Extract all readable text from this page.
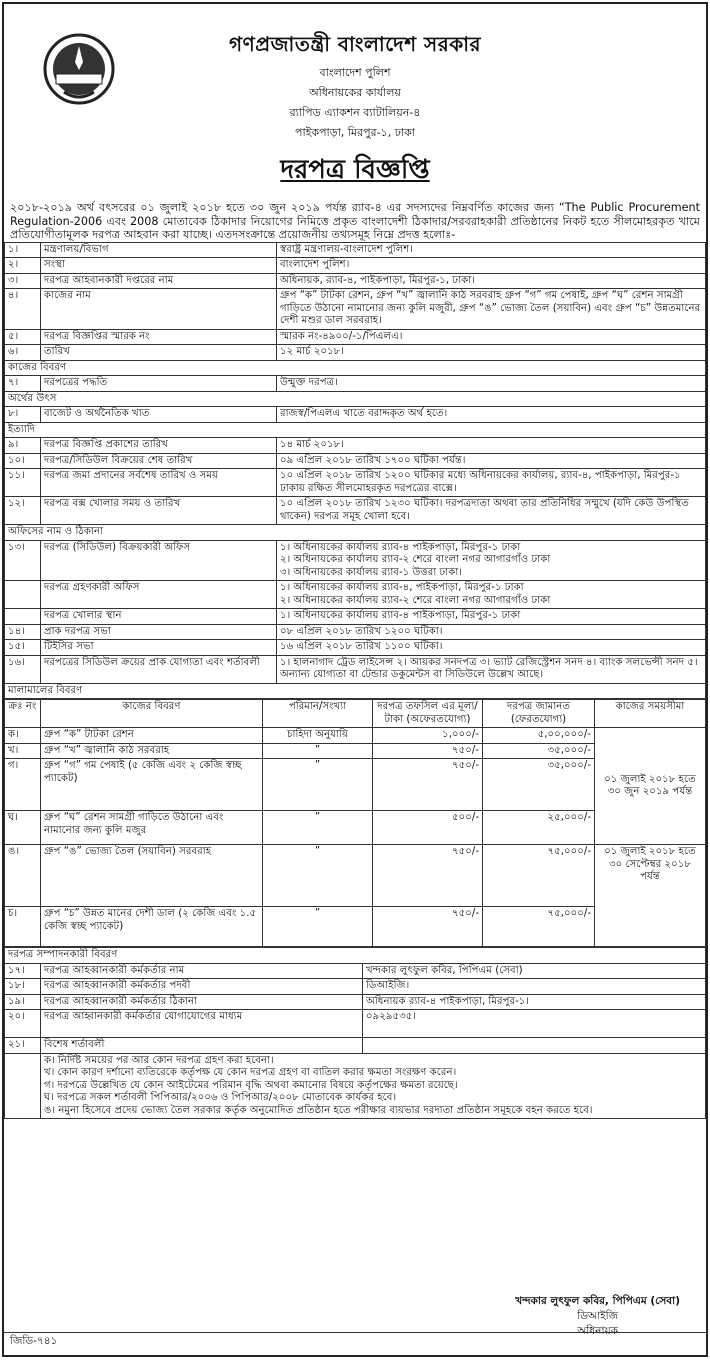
গণপ্রজাতন্ত্রী বাংলাদেশ সরকার
বাংলাদেশ পুলিশ
অধিনায়কের কার্যালয়
র‍্যাপিড এ্যাকশন ব্যাটালিয়ন-৪
পাইকপাড়া, মিরপুর-১, ঢাকা
দরপত্র বিজ্ঞপ্তি
২০১৮-২০১৯ অর্থ বৎসরের ০১ জুলাই ২০১৮ হতে ৩০ জুন ২০১৯ পর্যন্ত র‍্যাব-৪ এর সদস্যদের নিম্নবর্ণিত কাজের জন্য “The Public Procurement Regulation-2006 এবং 2008 মোতাবেক ঠিকাদার নিয়োগের নিমিত্তে প্রকৃত বাংলাদেশী ঠিকাদার/সরবরাহকারী প্রতিষ্ঠানের নিকট হতে সীলমোহরকৃত খামে প্রতিযোগীতামূলক দরপত্র আহবান করা যাচ্ছে। এতদসংক্রান্তে প্রয়োজনীয় তথ্যসমূহ নিম্নে প্রদত্ত হলোঃ-
১।	মন্ত্রণালয়/বিভাগ	স্বরাষ্ট্র মন্ত্রণালয়-বাংলাদেশ পুলিশ।
২।	সংস্থা	বাংলাদেশ পুলিশ।
৩।	দরপত্র আহবানকারী দপ্তরের নাম	অধিনায়ক, র‍্যাব-৪, পাইকপাড়া, মিরপুর-১, ঢাকা।
৪।	কাজের নাম	গ্রুপ “ক” টাটকা রেশন, গ্রুপ “খ” জ্বালানি কাঠ সরবরাহ গ্রুপ “গ” গম পেষাই, গ্রুপ “ঘ” রেশন সামগ্রী গাড়িতে উঠানো নামানোর জন্য কুলি মজুরী, গ্রুপ “ঙ” ভোজ্য তৈল (সয়াবিন) এবং গ্রুপ “চ” উন্নতমানের দেশী মশুর ডাল সরবরাহ।
৫।	দরপত্র বিজ্ঞপ্তির স্মারক নং	স্মারক নং-৪৯০০/-১/পিএলএ।
৬।	তারিখ	১২ মার্চ ২০১৮।
কাজের বিবরণ		
৭।	দরপত্রের পদ্ধতি	উন্মুক্ত দরপত্র।
অর্থের উৎস		
৮।	বাজেট ও অর্থনৈতিক খাত	রাজস্ব/পিএলএ খাতে বরাদ্দকৃত অর্থ হতে।
ইত্যাদি		
৯।	দরপত্র বিজ্ঞপ্তি প্রকাশের তারিখ	১৪ মার্চ ২০১৮।
১০।	দরপত্র/সিডিউল বিক্রয়ের শেষ তারিখ	০৯ এপ্রিল ২০১৮ তারিখ ১৭০০ ঘটিকা পর্যন্ত।
১১।	দরপত্র জমা প্রদানের সর্বশেষ তারিখ ও সময়	১০ এপ্রিল ২০১৮ তারিখ ১২০০ ঘটিকার মধ্যে অধিনায়কের কার্যালয়, র‍্যাব-৪, পাইকপাড়া, মিরপুর-১ ঢাকায় রক্ষিত সীলমোহরকৃত দরপত্রের বাক্সে।
১২।	দরপত্র বক্স খোলার সময় ও তারিখ	১০ এপ্রিল ২০১৮ তারিখ ১২৩০ ঘটিকা। দরপত্রদাতা অথবা তার প্রতিনিধির সম্মুখে (যদি কেউ উপস্থিত থাকেন) দরপত্র সমূহ খোলা হবে।
অফিসের নাম ও ঠিকানা		
১৩।	দরপত্র (সিডিউল) বিক্রয়কারী অফিস	১। অধিনায়কের কার্যালয় র‍্যাব-৪ পাইকপাড়া, মিরপুর-১ ঢাকা
২। অধিনায়কের কার্যালয় র‍্যাব-২ শেরে বাংলা নগর আগারগাঁও ঢাকা
৩। অধিনায়কের কার্যালয় র‍্যাব-১ উত্তরা ঢাকা।

	দরপত্র গ্রহণকারী অফিস	১। অধিনায়কের কার্যালয় র‍্যাব-৪, পাইকপাড়া, মিরপুর-১ ঢাকা
২। অধিনায়কের কার্যালয় র‍্যাব-২ শেরে বাংলা নগর আগারগাঁও ঢাকা

	দরপত্র খোলার স্থান	১। অধিনায়কের কার্যালয় র‍্যাব-৪ পাইকপাড়া, মিরপুর-১ ঢাকা
১৪।	প্রাক দরপত্র সভা	০৮ এপ্রিল ২০১৮ তারিখ ১২০০ ঘটিকা।
১৫।	টিইসির সভা	১৬ এপ্রিল ২০১৮ তারিখ ১১০০ ঘটিকা।
১৬।	দরপত্রের সিডিউল ক্রয়ের প্রাক যোগ্যতা এবং শর্তাবলী	১। হালনাগাদ ট্রেড লাইসেন্স ২। আয়কর সনদপত্র ৩। ভ্যাট রেজিস্ট্রেশন সনদ ৪। ব্যাংক সলভেন্সী সনদ ৫। অন্যান্য যোগ্যতা বা টেন্ডার ডকুমেন্টস বা সিডিউলে উল্লেখ আছে।
মালামালের বিবরণ		
ক্রঃ নং	কাজের বিবরণ	পরিমান/সংখ্যা	দরপত্র তফসিল এর মূল্য/টাকা (অফেরতযোগ্য)	দরপত্র জামানত (ফেরতযোগ্য)	কাজের সময়সীমা
ক।	গ্রুপ “ক” টাটকা রেশন	চাহিদা অনুযায়ি	১,০০০/-	৫,০০,০০০/-	০১ জুলাই ২০১৮ হতে ৩০ জুন ২০১৯ পর্যন্ত
খ।	গ্রুপ “খ” জ্বালানি কাঠ সরবরাহ	”	৭৫০/-	৩৫,০০০/-	
গ।	গ্রুপ “গ” গম পেষাই (৫ কেজি এবং ২ কেজি স্বচ্ছ প্যাকেট)	”	৭৫০/-	৩৫,০০০/-	
ঘ।	গ্রুপ “ঘ” রেশন সামগ্রী গাড়িতে উঠানো এবং নামানোর জন্য কুলি মজুর	”	৫০০/-	২৫,০০০/-	
ঙ।	গ্রুপ “ঙ” ভোজ্য তৈল (সয়াবিন) সরবরাহ	”	৭৫০/-	৭৫,০০০/-	০১ জুলাই ২০১৮ হতে ৩০ সেপ্টেম্বর ২০১৮ পর্যন্ত
চ।	গ্রুপ “চ” উন্নত মানের দেশী ডাল (২ কেজি এবং ১.৫ কেজি স্বচ্ছ প্যাকেট)	”	৭৫০/-	৭৫,০০০/-	
দরপত্র সম্পাদনকারী বিবরণ		
১৭।	দরপত্র আহব্বানকারী কর্মকর্তার নাম	খন্দকার লুৎফুল কবির, পিপিএম (সেবা)
১৮।	দরপত্র আহব্বানকারী কর্মকর্তার পদবী	ডিআইজি।
১৯।	দরপত্র আহব্বানকারী কর্মকর্তার ঠিকানা	অধিনায়ক র‍্যাব-৪ পাইকপাড়া, মিরপুর-১।
২০।	দরপত্র আহ্বানকারী কর্মকর্তার যোগাযোগের মাধ্যম	০৯২৯৫৩৫।
২১।	বিশেষ শর্তাবলী	

	ক। নির্দিষ্ট সময়ের পর আর কোন দরপত্র গ্রহণ করা হবেনা।
খ। কোন কারণ দর্শানো ব্যতিরেকে কর্তৃপক্ষ যে কোন দরপত্র গ্রহণ বা বাতিল করার ক্ষমতা সংরক্ষণ করেন।
গ। দরপত্রে উল্লেখিত যে কোন আইটেমের পরিমান বৃদ্ধি অথবা কমানোর বিষয়ে কর্তৃপক্ষের ক্ষমতা রয়েছে।
ঘ। দরপত্রে সকল শর্তাবলী পিপিআর/২০০৬ ও পিপিআর/২০০৮ মোতাবেক কার্যকর হবে।
ঙ। নমুনা হিসেবে প্রদেয় ভোজ্য তৈল সরকার কর্তৃক অনুমোদিত প্রতিষ্ঠান হতে পরীক্ষার ব্যয়ভার দরদাতা প্রতিষ্ঠান সমূহকে বহন করতে হবে।	
খন্দকার লুৎফুল কবির, পিপিএম (সেবা)
ডিআইজি
অধিনায়ক
জিডি-৭৪১
